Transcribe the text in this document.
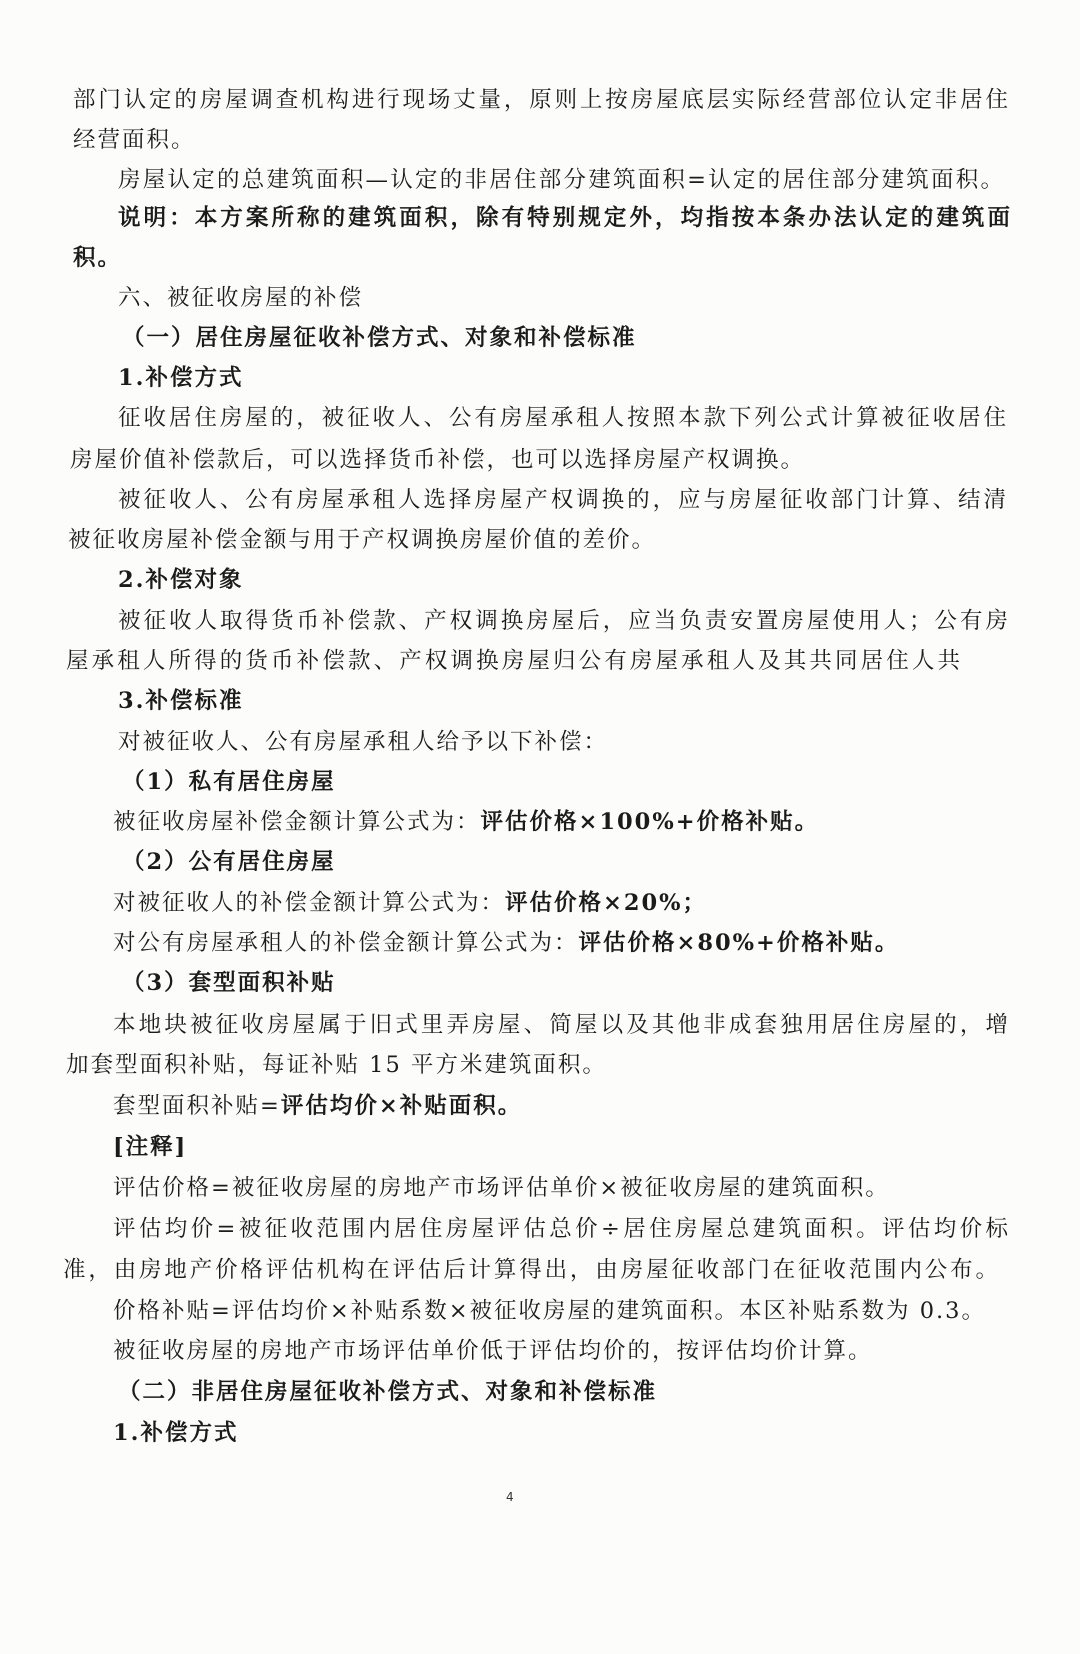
部门认定的房屋调查机构进行现场丈量，原则上按房屋底层实际经营部位认定非居住
经营面积。
房屋认定的总建筑面积—认定的非居住部分建筑面积=认定的居住部分建筑面积。
说明：本方案所称的建筑面积，除有特别规定外，均指按本条办法认定的建筑面
积。
六、被征收房屋的补偿
（一）居住房屋征收补偿方式、对象和补偿标准
1.补偿方式
征收居住房屋的，被征收人、公有房屋承租人按照本款下列公式计算被征收居住
房屋价值补偿款后，可以选择货币补偿，也可以选择房屋产权调换。
被征收人、公有房屋承租人选择房屋产权调换的，应与房屋征收部门计算、结清
被征收房屋补偿金额与用于产权调换房屋价值的差价。
2.补偿对象
被征收人取得货币补偿款、产权调换房屋后，应当负责安置房屋使用人；公有房
屋承租人所得的货币补偿款、产权调换房屋归公有房屋承租人及其共同居住人共
3.补偿标准
对被征收人、公有房屋承租人给予以下补偿：
（1）私有居住房屋
被征收房屋补偿金额计算公式为：评估价格×100%+价格补贴。
（2）公有居住房屋
对被征收人的补偿金额计算公式为：评估价格×20%；
对公有房屋承租人的补偿金额计算公式为：评估价格×80%+价格补贴。
（3）套型面积补贴
本地块被征收房屋属于旧式里弄房屋、简屋以及其他非成套独用居住房屋的，增
加套型面积补贴，每证补贴 15 平方米建筑面积。
套型面积补贴=评估均价×补贴面积。
[注释]
评估价格=被征收房屋的房地产市场评估单价×被征收房屋的建筑面积。
评估均价=被征收范围内居住房屋评估总价÷居住房屋总建筑面积。评估均价标
准，由房地产价格评估机构在评估后计算得出，由房屋征收部门在征收范围内公布。
价格补贴=评估均价×补贴系数×被征收房屋的建筑面积。本区补贴系数为 0.3。
被征收房屋的房地产市场评估单价低于评估均价的，按评估均价计算。
（二）非居住房屋征收补偿方式、对象和补偿标准
1.补偿方式
4
